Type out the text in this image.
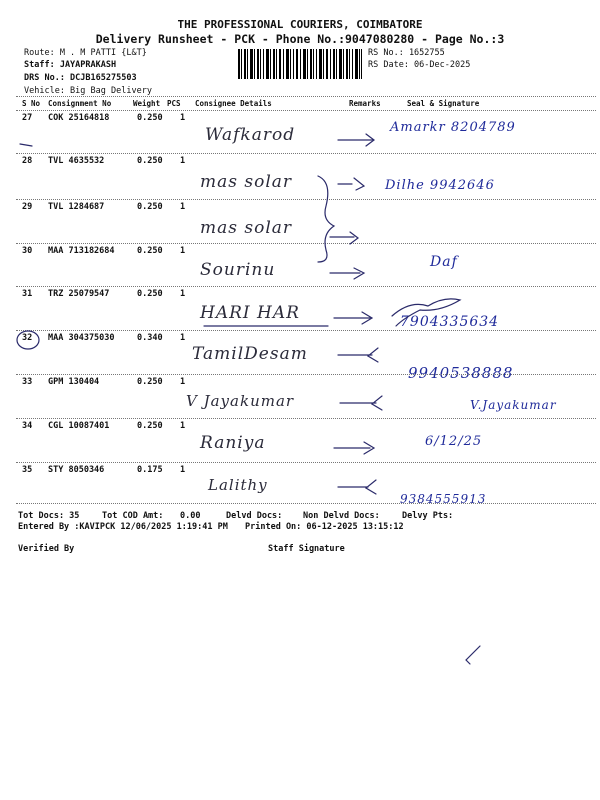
THE PROFESSIONAL COURIERS, COIMBATORE
Delivery Runsheet - PCK - Phone No.:9047080280 - Page No.:3
Route: M . M PATTI {L&T}
Staff: JAYAPRAKASH
DRS No.: DCJB165275503
Vehicle: Big Bag Delivery
RS No.: 1652755
RS Date: 06-Dec-2025
S No Consignment No	Weight PCS Consignee Details	Remarks	Seal & Signature
27 COK 25164818	0.250 1
Wafkarod	Amarkr 8204789
28 TVL 4635532	0.250 1
mas solar	Dilhe 9942646
29 TVL 1284687	0.250 1
mas solar
30 MAA 713182684	0.250 1
Sourinu	Daf
31 TRZ 25079547	0.250 1
HARI HAR	7904335634
32 MAA 304375030	0.340 1
TamilDesam
9940538888
33 GPM 130404	0.250 1
V Jayakumar	V.Jayakumar
34 CGL 10087401	0.250 1
Raniya	6/12/25
35 STY 8050346	0.175 1
Lalithy
9384555913
Tot Docs: 35	Tot COD Amt: 0.00	Delvd Docs: Non Delvd Docs:	Delvy Pts:
Entered By :KAVIPCK 12/06/2025 1:19:41 PM Printed On: 06-12-2025 13:15:12
Verified By	Staff Signature
